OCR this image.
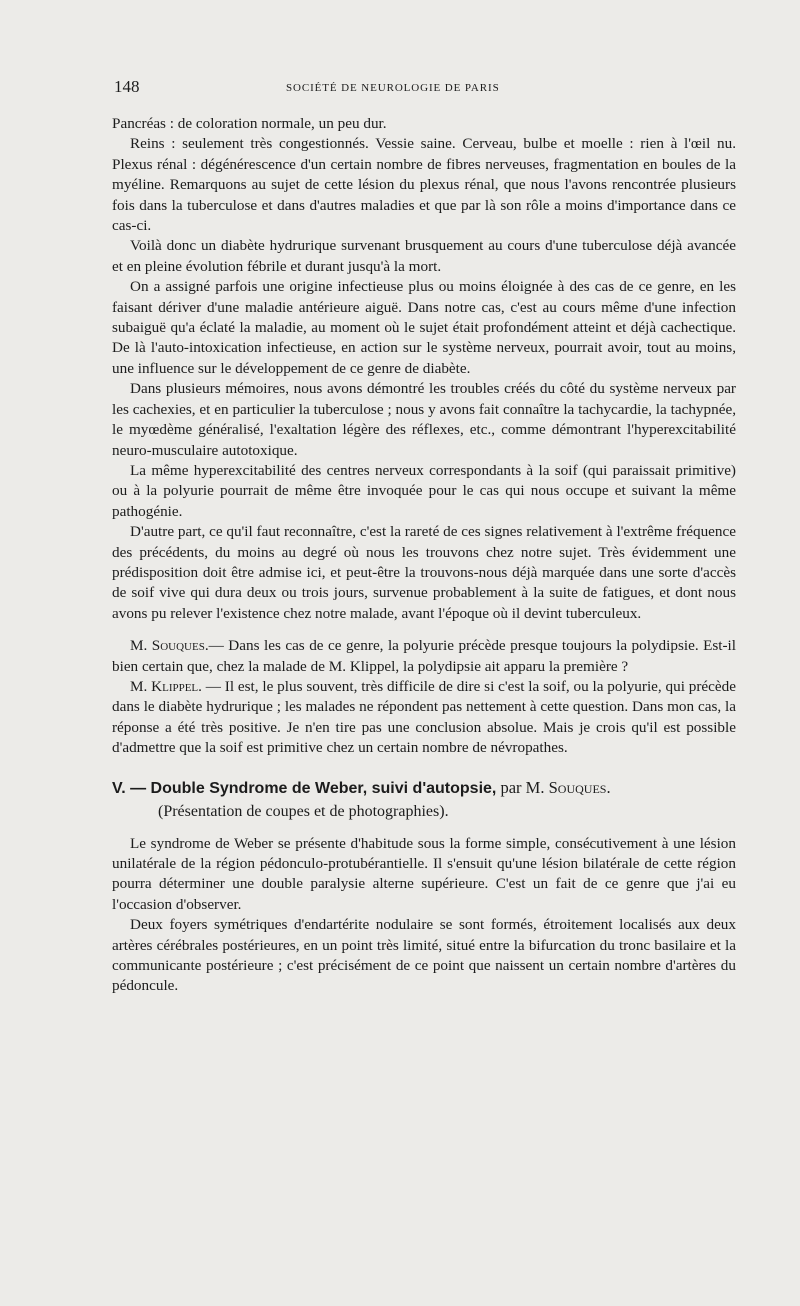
148	SOCIÉTÉ DE NEUROLOGIE DE PARIS

Pancréas : de coloration normale, un peu dur.

Reins : seulement très congestionnés. Vessie saine. Cerveau, bulbe et moelle : rien à l'œil nu. Plexus rénal : dégénérescence d'un certain nombre de fibres nerveuses, fragmentation en boules de la myéline. Remarquons au sujet de cette lésion du plexus rénal, que nous l'avons rencontrée plusieurs fois dans la tuberculose et dans d'autres maladies et que par là son rôle a moins d'importance dans ce cas-ci.

Voilà donc un diabète hydrurique survenant brusquement au cours d'une tuberculose déjà avancée et en pleine évolution fébrile et durant jusqu'à la mort.

On a assigné parfois une origine infectieuse plus ou moins éloignée à des cas de ce genre, en les faisant dériver d'une maladie antérieure aiguë. Dans notre cas, c'est au cours même d'une infection subaiguë qu'a éclaté la maladie, au moment où le sujet était profondément atteint et déjà cachectique. De là l'auto-intoxication infectieuse, en action sur le système nerveux, pourrait avoir, tout au moins, une influence sur le développement de ce genre de diabète.

Dans plusieurs mémoires, nous avons démontré les troubles créés du côté du système nerveux par les cachexies, et en particulier la tuberculose ; nous y avons fait connaître la tachycardie, la tachypnée, le myœdème généralisé, l'exaltation légère des réflexes, etc., comme démontrant l'hyperexcitabilité neuro-musculaire autotoxique.

La même hyperexcitabilité des centres nerveux correspondants à la soif (qui paraissait primitive) ou à la polyurie pourrait de même être invoquée pour le cas qui nous occupe et suivant la même pathogénie.

D'autre part, ce qu'il faut reconnaître, c'est la rareté de ces signes relativement à l'extrême fréquence des précédents, du moins au degré où nous les trouvons chez notre sujet. Très évidemment une prédisposition doit être admise ici, et peut-être la trouvons-nous déjà marquée dans une sorte d'accès de soif vive qui dura deux ou trois jours, survenue probablement à la suite de fatigues, et dont nous avons pu relever l'existence chez notre malade, avant l'époque où il devint tuberculeux.

M. Souques.— Dans les cas de ce genre, la polyurie précède presque toujours la polydipsie. Est-il bien certain que, chez la malade de M. Klippel, la polydipsie ait apparu la première ?

M. Klippel. — Il est, le plus souvent, très difficile de dire si c'est la soif, ou la polyurie, qui précède dans le diabète hydrurique ; les malades ne répondent pas nettement à cette question. Dans mon cas, la réponse a été très positive. Je n'en tire pas une conclusion absolue. Mais je crois qu'il est possible d'admettre que la soif est primitive chez un certain nombre de névropathes.

V. — Double Syndrome de Weber, suivi d'autopsie, par M. Souques.

(Présentation de coupes et de photographies).

Le syndrome de Weber se présente d'habitude sous la forme simple, consécutivement à une lésion unilatérale de la région pédonculo-protubérantielle. Il s'ensuit qu'une lésion bilatérale de cette région pourra déterminer une double paralysie alterne supérieure. C'est un fait de ce genre que j'ai eu l'occasion d'observer.

Deux foyers symétriques d'endartérite nodulaire se sont formés, étroitement localisés aux deux artères cérébrales postérieures, en un point très limité, situé entre la bifurcation du tronc basilaire et la communicante postérieure ; c'est précisément de ce point que naissent un certain nombre d'artères du pédoncule.
